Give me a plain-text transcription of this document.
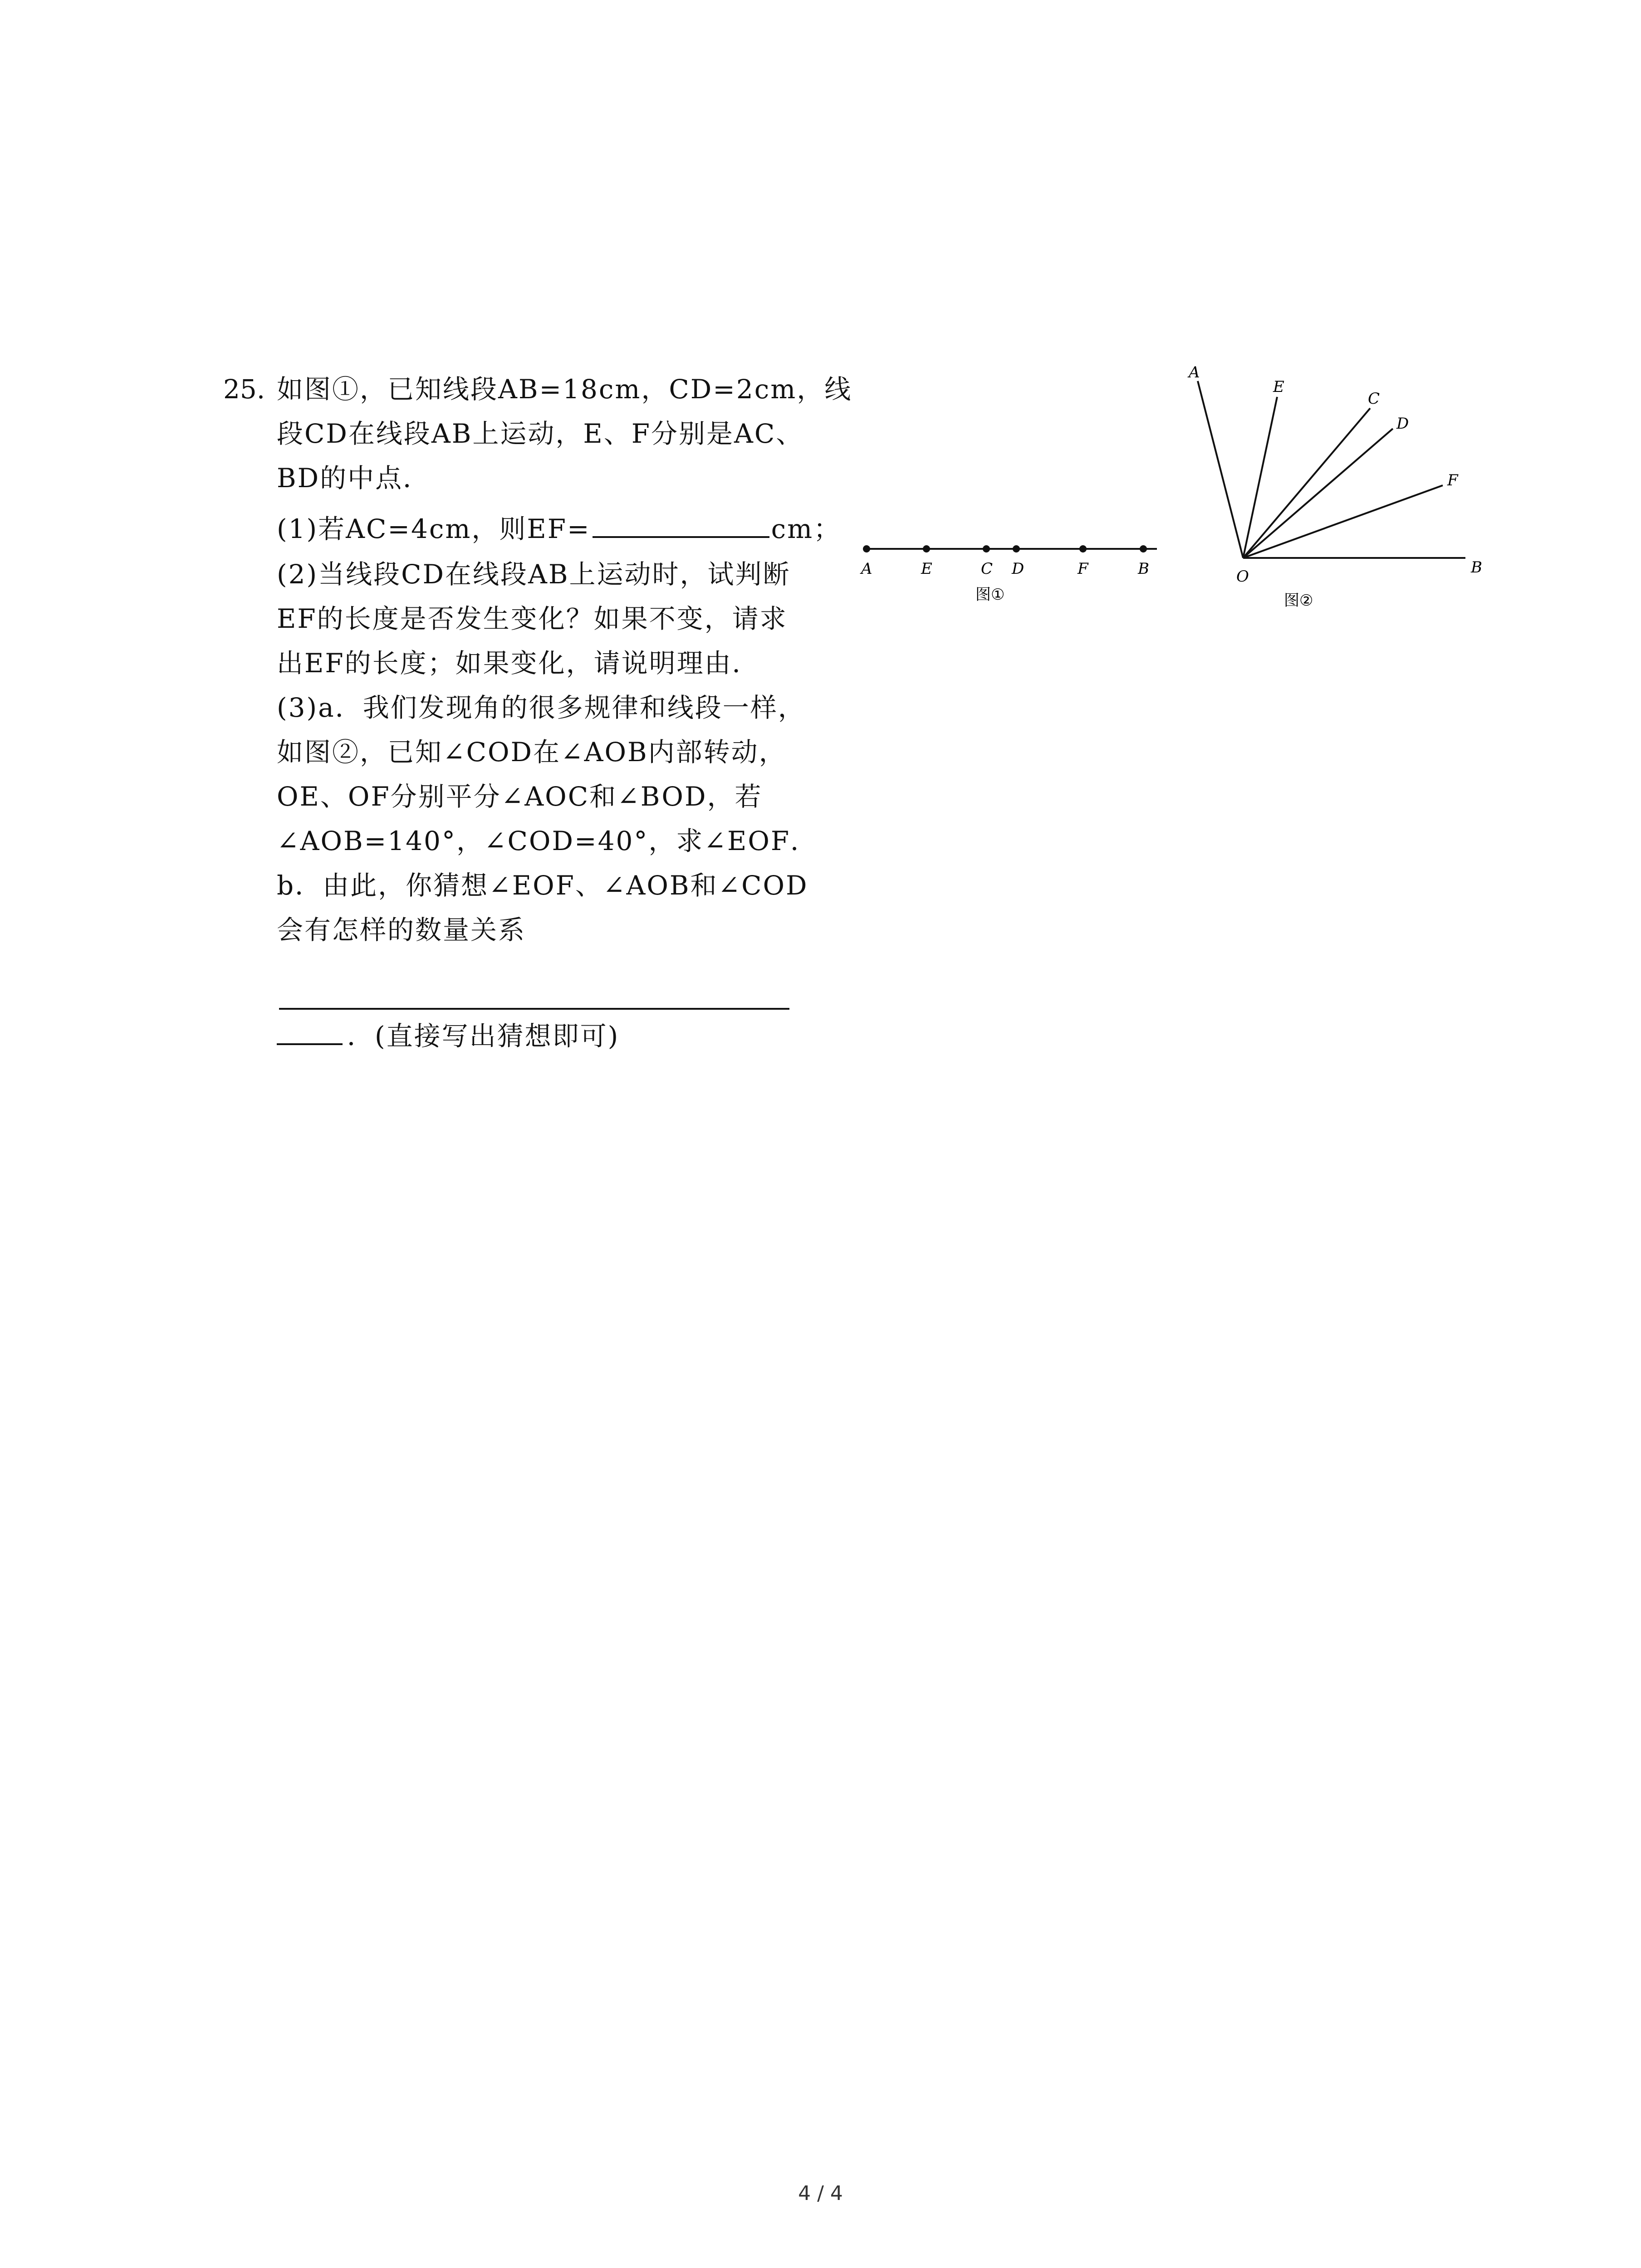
25. 如图①，已知线段AB=18cm，CD=2cm，线
段CD在线段AB上运动，E、F分别是AC、
BD的中点．
(1)若AC=4cm，则EF=	cm；
(2)当线段CD在线段AB上运动时，试判断
EF的长度是否发生变化？如果不变，请求
出EF的长度；如果变化，请说明理由．
(3)a．我们发现角的很多规律和线段一样，
如图②，已知∠COD在∠AOB内部转动，
OE、OF分别平分∠AOC和∠BOD，若
∠AOB=140°，∠COD=40°，求∠EOF．
b．由此，你猜想∠EOF、∠AOB和∠COD
会有怎样的数量关系
．(直接写出猜想即可)
A	E	C D	F	B
图①
A
E
C
D
F
O	B
图②
4 / 4
